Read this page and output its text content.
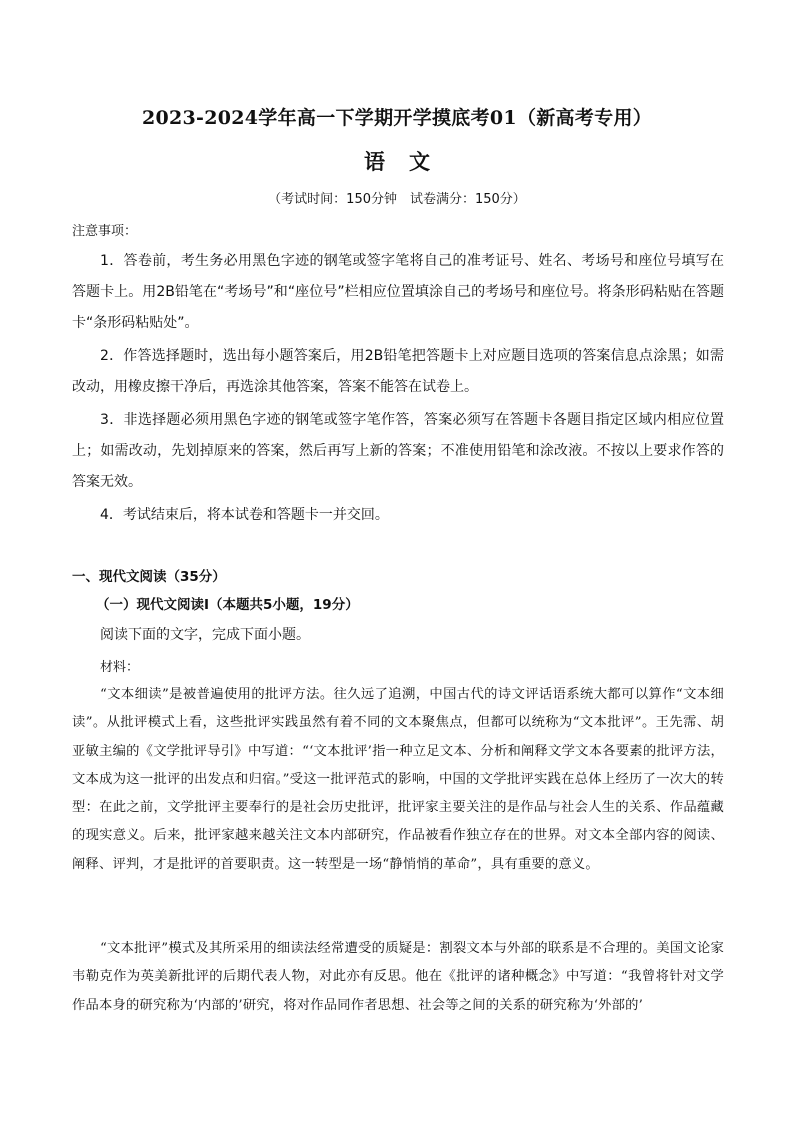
2023-2024学年高一下学期开学摸底考01（新高考专用）
语文
（考试时间：150分钟　试卷满分：150分）
注意事项：
1．答卷前，考生务必用黑色字迹的钢笔或签字笔将自己的准考证号、姓名、考场号和座位号填写在答题卡上。用2B铅笔在“考场号”和“座位号”栏相应位置填涂自己的考场号和座位号。将条形码粘贴在答题卡“条形码粘贴处”。
2．作答选择题时，选出每小题答案后，用2B铅笔把答题卡上对应题目选项的答案信息点涂黑；如需改动，用橡皮擦干净后，再选涂其他答案，答案不能答在试卷上。
3．非选择题必须用黑色字迹的钢笔或签字笔作答，答案必须写在答题卡各题目指定区域内相应位置上；如需改动，先划掉原来的答案，然后再写上新的答案；不准使用铅笔和涂改液。不按以上要求作答的答案无效。
4．考试结束后，将本试卷和答题卡一并交回。
一、现代文阅读（35分）
（一）现代文阅读Ⅰ（本题共5小题，19分）
阅读下面的文字，完成下面小题。
材料：
“文本细读”是被普遍使用的批评方法。往久远了追溯，中国古代的诗文评话语系统大都可以算作“文本细读”。从批评模式上看，这些批评实践虽然有着不同的文本聚焦点，但都可以统称为“文本批评”。王先霈、胡亚敏主编的《文学批评导引》中写道：“‘文本批评’指一种立足文本、分析和阐释文学文本各要素的批评方法，文本成为这一批评的出发点和归宿。”受这一批评范式的影响，中国的文学批评实践在总体上经历了一次大的转型：在此之前，文学批评主要奉行的是社会历史批评，批评家主要关注的是作品与社会人生的关系、作品蕴藏的现实意义。后来，批评家越来越关注文本内部研究，作品被看作独立存在的世界。对文本全部内容的阅读、阐释、评判，才是批评的首要职责。这一转型是一场“静悄悄的革命”，具有重要的意义。
“文本批评”模式及其所采用的细读法经常遭受的质疑是：割裂文本与外部的联系是不合理的。美国文论家韦勒克作为英美新批评的后期代表人物，对此亦有反思。他在《批评的诸种概念》中写道：“我曾将针对文学作品本身的研究称为‘内部的’研究，将对作品同作者思想、社会等之间的关系的研究称为‘外部的’
